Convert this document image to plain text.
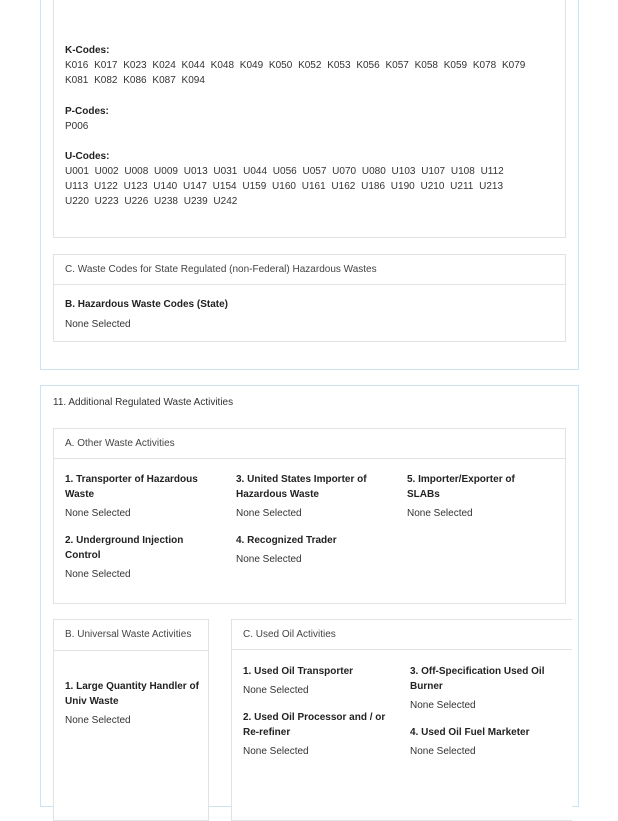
K-Codes:
K016 K017 K023 K024 K044 K048 K049 K050 K052 K053 K056 K057 K058 K059 K078 K079
K081 K082 K086 K087 K094
P-Codes:
P006
U-Codes:
U001 U002 U008 U009 U013 U031 U044 U056 U057 U070 U080 U103 U107 U108 U112
U113 U122 U123 U140 U147 U154 U159 U160 U161 U162 U186 U190 U210 U211 U213
U220 U223 U226 U238 U239 U242
C. Waste Codes for State Regulated (non-Federal) Hazardous Wastes
B. Hazardous Waste Codes (State)
None Selected
11. Additional Regulated Waste Activities
A. Other Waste Activities
1. Transporter of Hazardous Waste
None Selected
2. Underground Injection Control
None Selected
3. United States Importer of Hazardous Waste
None Selected
4. Recognized Trader
None Selected
5. Importer/Exporter of SLABs
None Selected
B. Universal Waste Activities
1. Large Quantity Handler of Univ Waste
None Selected
C. Used Oil Activities
1. Used Oil Transporter
None Selected
2. Used Oil Processor and / or Re-refiner
None Selected
3. Off-Specification Used Oil Burner
None Selected
4. Used Oil Fuel Marketer
None Selected
